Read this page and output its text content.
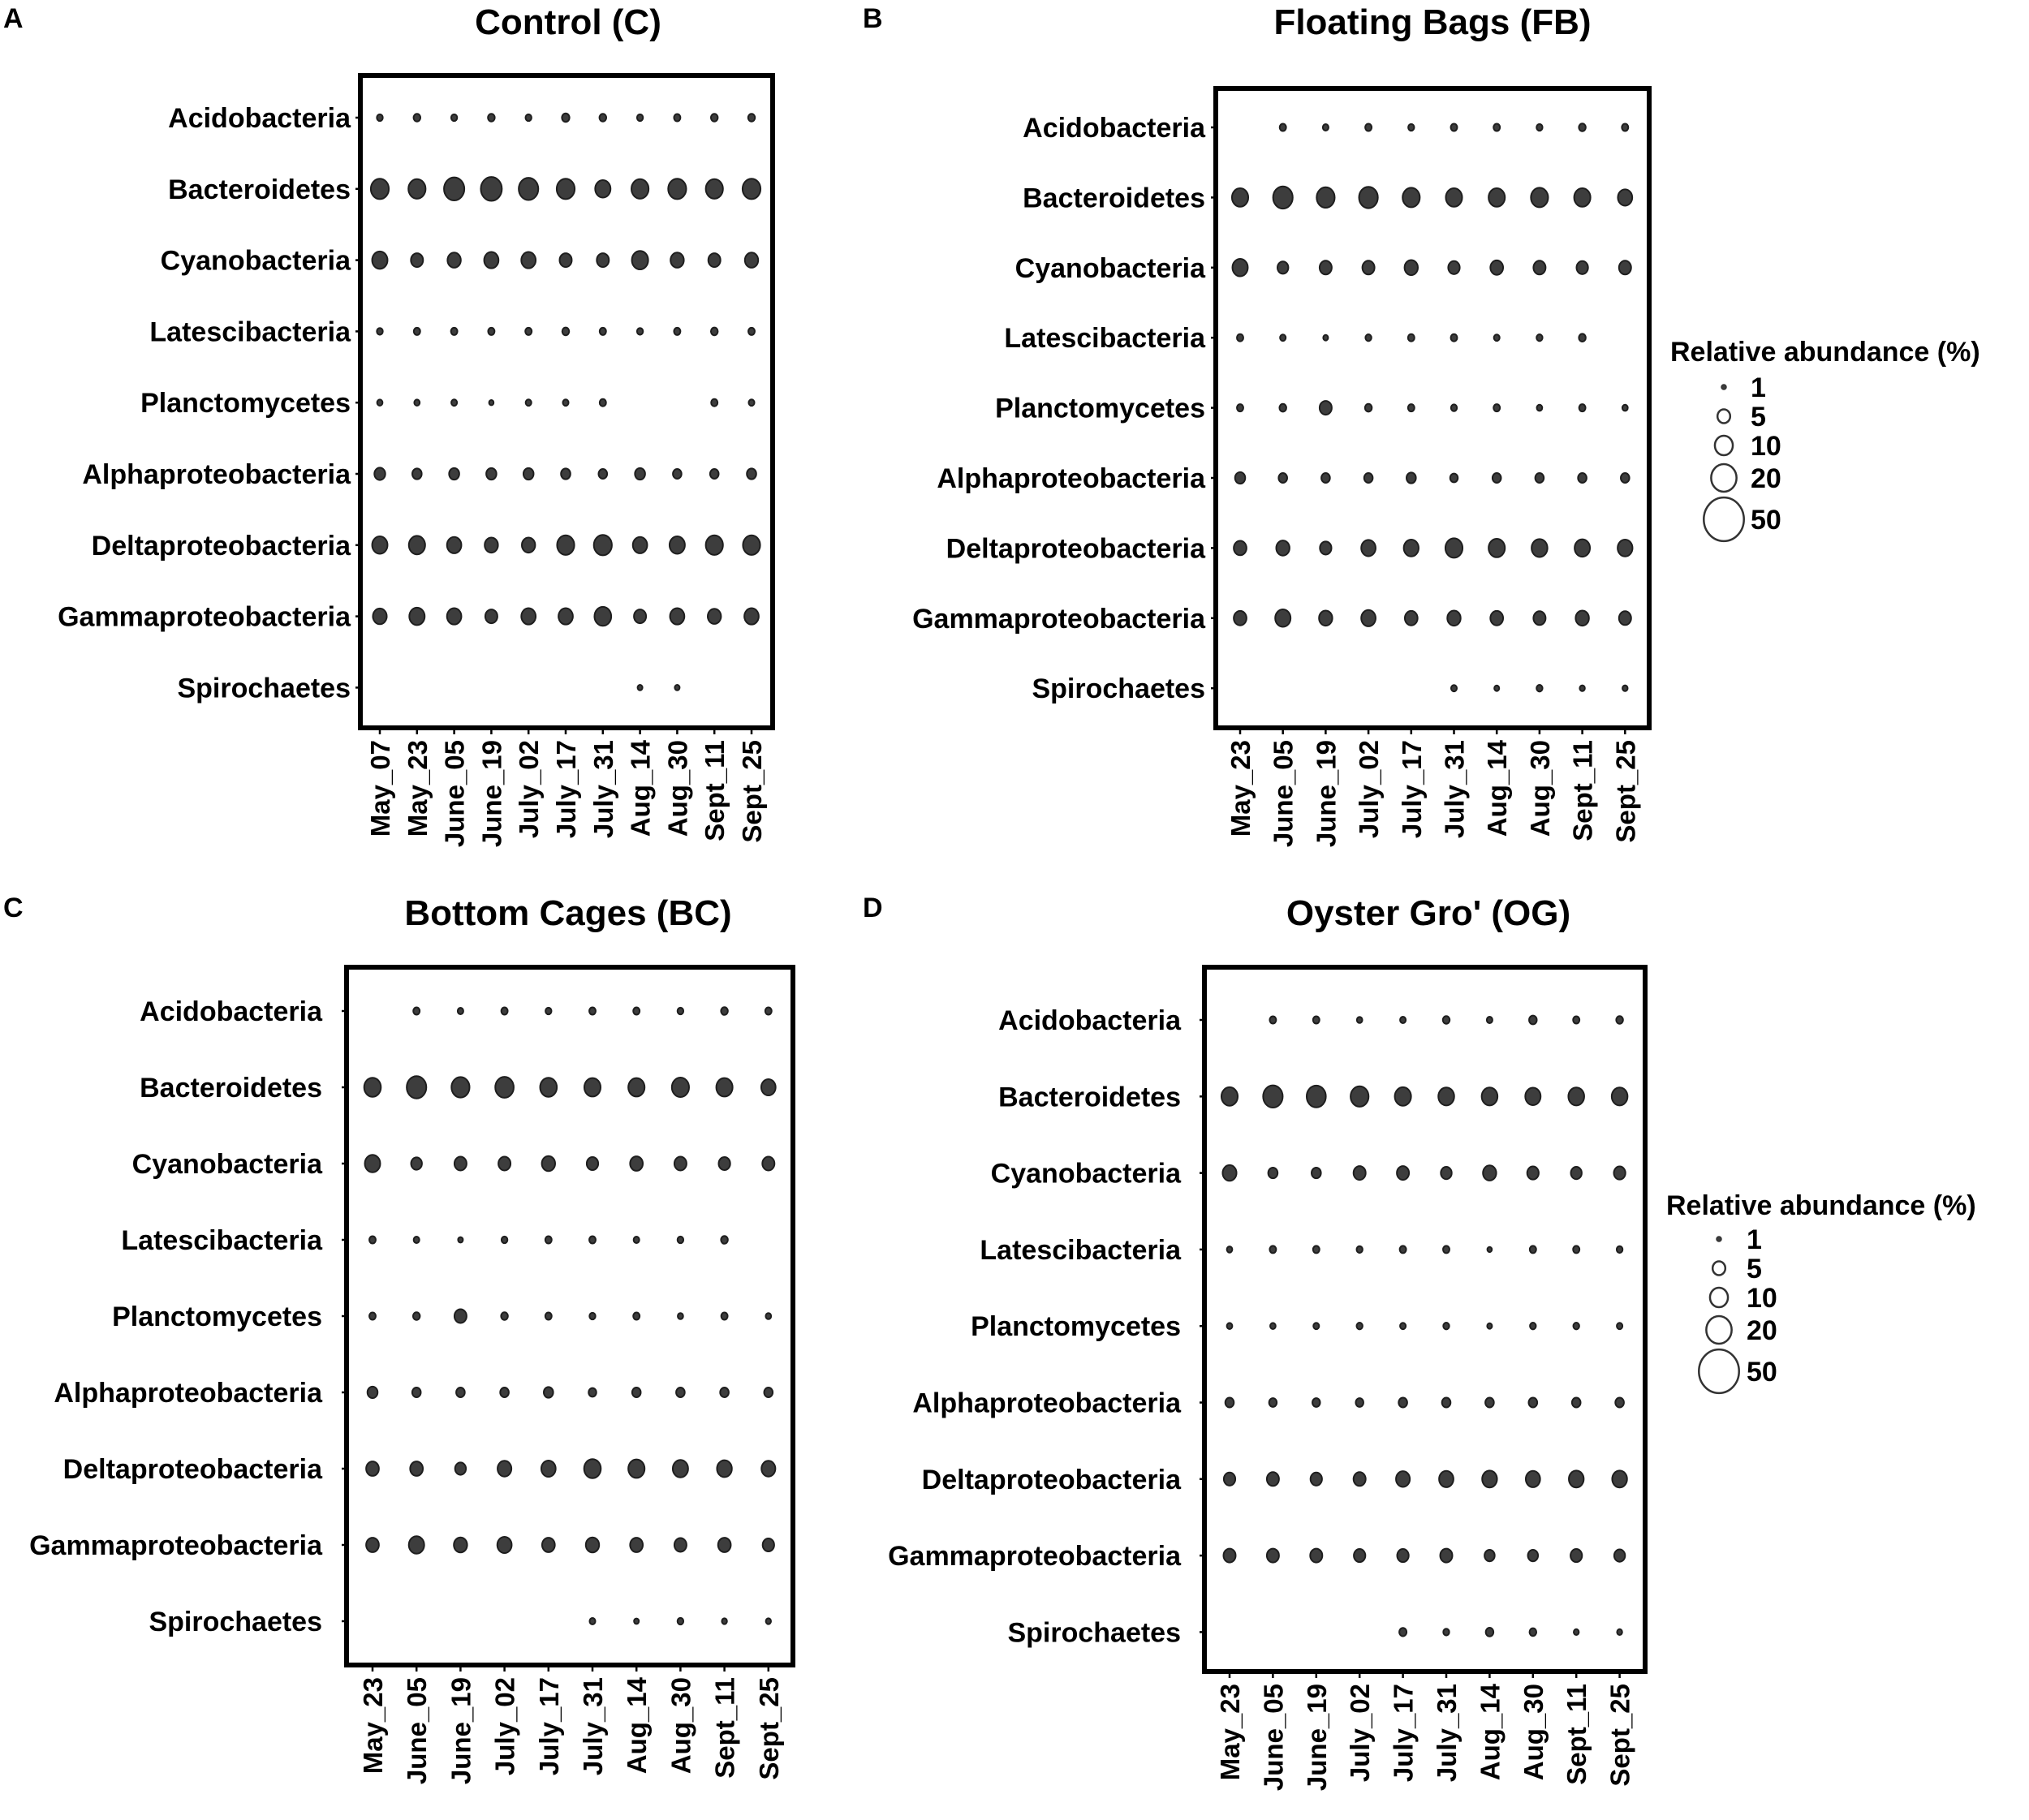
A	Control (C)
Acidobacteria
Bacteroidetes
Cyanobacteria
Latescibacteria
Planctomycetes
Alphaproteobacteria
Deltaproteobacteria
Gammaproteobacteria
Spirochaetes
May_07 May_23 June_05 June_19 July_02 July_17 July_31 Aug_14 Aug_30 Sept_11 Sept_25
B	Floating Bags (FB)
Acidobacteria
Bacteroidetes
Cyanobacteria
Latescibacteria
Planctomycetes
Alphaproteobacteria
Deltaproteobacteria
Gammaproteobacteria
Spirochaetes
May_23 June_05 June_19 July_02 July_17 July_31 Aug_14 Aug_30 Sept_11 Sept_25
C	Bottom Cages (BC)
Acidobacteria
Bacteroidetes
Cyanobacteria
Latescibacteria
Planctomycetes
Alphaproteobacteria
Deltaproteobacteria
Gammaproteobacteria
Spirochaetes
May_23 June_05 June_19 July_02 July_17 July_31 Aug_14 Aug_30 Sept_11 Sept_25
D	Oyster Gro' (OG)
Acidobacteria
Bacteroidetes
Cyanobacteria
Latescibacteria
Planctomycetes
Alphaproteobacteria
Deltaproteobacteria
Gammaproteobacteria
Spirochaetes
May_23 June_05 June_19 July_02 July_17 July_31 Aug_14 Aug_30 Sept_11 Sept_25
Relative abundance (%)
1
5
10
20
50
Relative abundance (%)
1
5
10
20
50
